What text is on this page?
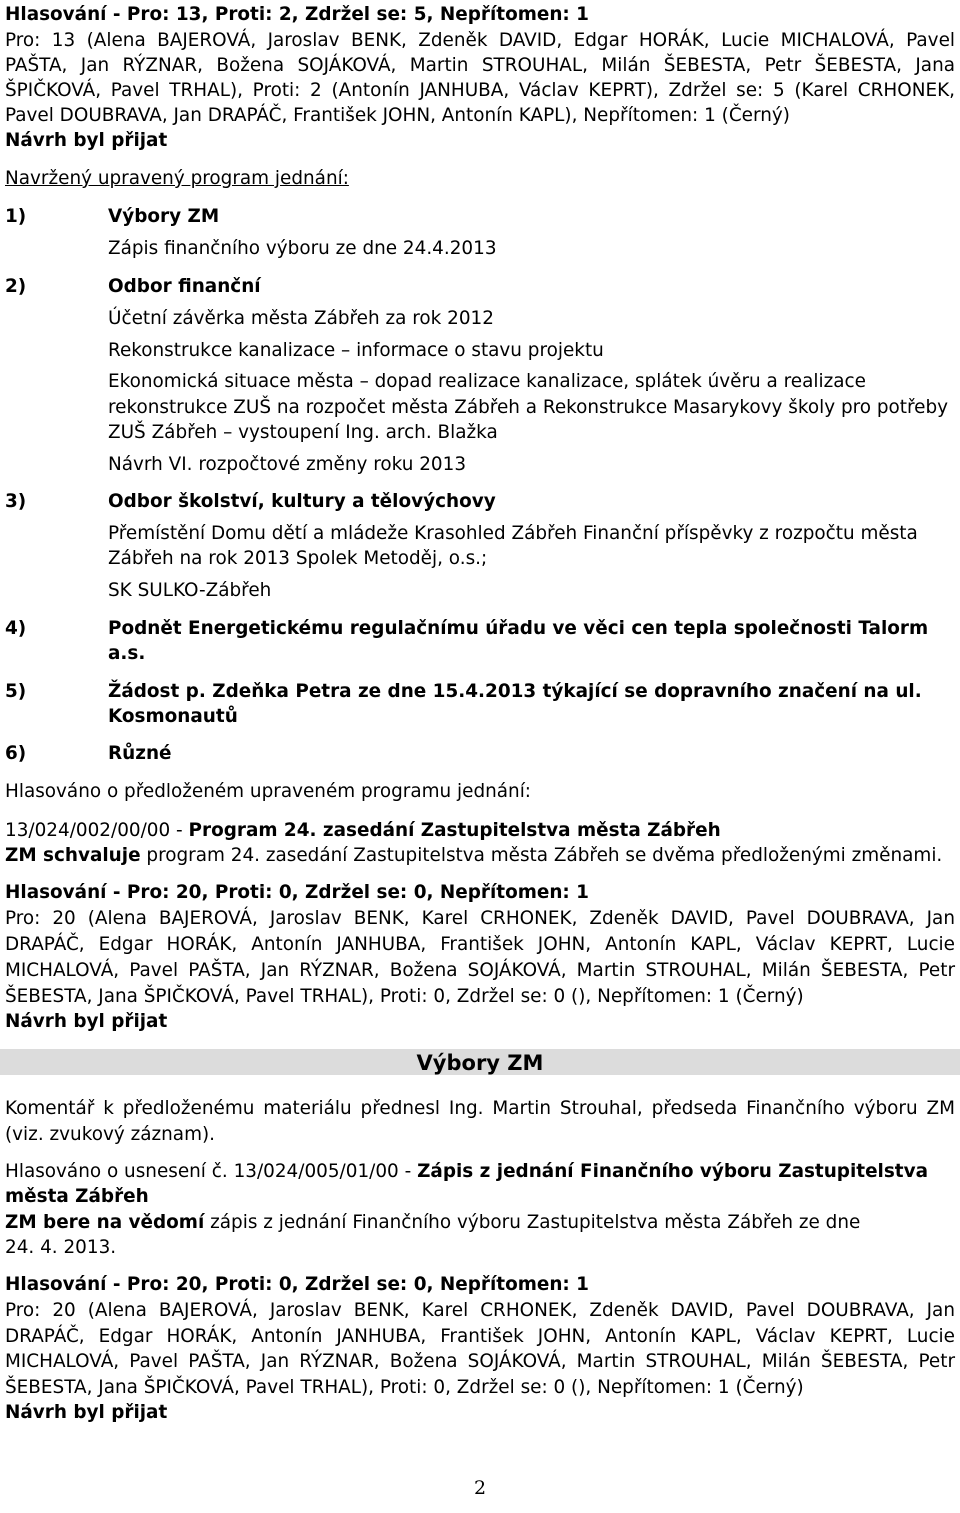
Hlasování - Pro: 13, Proti: 2, Zdržel se: 5, Nepřítomen: 1
Pro: 13 (Alena BAJEROVÁ, Jaroslav BENK, Zdeněk DAVID, Edgar HORÁK, Lucie MICHALOVÁ, Pavel
PAŠTA, Jan RÝZNAR, Božena SOJÁKOVÁ, Martin STROUHAL, Milán ŠEBESTA, Petr ŠEBESTA, Jana
ŠPIČKOVÁ, Pavel TRHAL), Proti: 2 (Antonín JANHUBA, Václav KEPRT), Zdržel se: 5 (Karel CRHONEK,
Pavel DOUBRAVA, Jan DRAPÁČ, František JOHN, Antonín KAPL), Nepřítomen: 1 (Černý)
Návrh byl přijat
Navržený upravený program jednání:
1)	Výbory ZM
Zápis finančního výboru ze dne 24.4.2013
2)	Odbor finanční
Účetní závěrka města Zábřeh za rok 2012
Rekonstrukce kanalizace – informace o stavu projektu
Ekonomická situace města – dopad realizace kanalizace, splátek úvěru a realizace
rekonstrukce ZUŠ na rozpočet města Zábřeh a Rekonstrukce Masarykovy školy pro potřeby
ZUŠ Zábřeh – vystoupení Ing. arch. Blažka
Návrh VI. rozpočtové změny roku 2013
3)	Odbor školství, kultury a tělovýchovy
Přemístění Domu dětí a mládeže Krasohled Zábřeh Finanční příspěvky z rozpočtu města
Zábřeh na rok 2013 Spolek Metoděj, o.s.;
SK SULKO-Zábřeh
4)	Podnět Energetickému regulačnímu úřadu ve věci cen tepla společnosti Talorm
a.s.
5)	Žádost p. Zdeňka Petra ze dne 15.4.2013 týkající se dopravního značení na ul.
Kosmonautů
6)	Různé
Hlasováno o předloženém upraveném programu jednání:
13/024/002/00/00 - Program 24. zasedání Zastupitelstva města Zábřeh
ZM schvaluje program 24. zasedání Zastupitelstva města Zábřeh se dvěma předloženými změnami.
Hlasování - Pro: 20, Proti: 0, Zdržel se: 0, Nepřítomen: 1
Pro: 20 (Alena BAJEROVÁ, Jaroslav BENK, Karel CRHONEK, Zdeněk DAVID, Pavel DOUBRAVA, Jan
DRAPÁČ, Edgar HORÁK, Antonín JANHUBA, František JOHN, Antonín KAPL, Václav KEPRT, Lucie
MICHALOVÁ, Pavel PAŠTA, Jan RÝZNAR, Božena SOJÁKOVÁ, Martin STROUHAL, Milán ŠEBESTA, Petr
ŠEBESTA, Jana ŠPIČKOVÁ, Pavel TRHAL), Proti: 0, Zdržel se: 0 (), Nepřítomen: 1 (Černý)
Návrh byl přijat
Výbory ZM
Komentář k předloženému materiálu přednesl Ing. Martin Strouhal, předseda Finančního výboru ZM
(viz. zvukový záznam).
Hlasováno o usnesení č. 13/024/005/01/00 - Zápis z jednání Finančního výboru Zastupitelstva
města Zábřeh
ZM bere na vědomí zápis z jednání Finančního výboru Zastupitelstva města Zábřeh ze dne
24. 4. 2013.
Hlasování - Pro: 20, Proti: 0, Zdržel se: 0, Nepřítomen: 1
Pro: 20 (Alena BAJEROVÁ, Jaroslav BENK, Karel CRHONEK, Zdeněk DAVID, Pavel DOUBRAVA, Jan
DRAPÁČ, Edgar HORÁK, Antonín JANHUBA, František JOHN, Antonín KAPL, Václav KEPRT, Lucie
MICHALOVÁ, Pavel PAŠTA, Jan RÝZNAR, Božena SOJÁKOVÁ, Martin STROUHAL, Milán ŠEBESTA, Petr
ŠEBESTA, Jana ŠPIČKOVÁ, Pavel TRHAL), Proti: 0, Zdržel se: 0 (), Nepřítomen: 1 (Černý)
Návrh byl přijat
2
